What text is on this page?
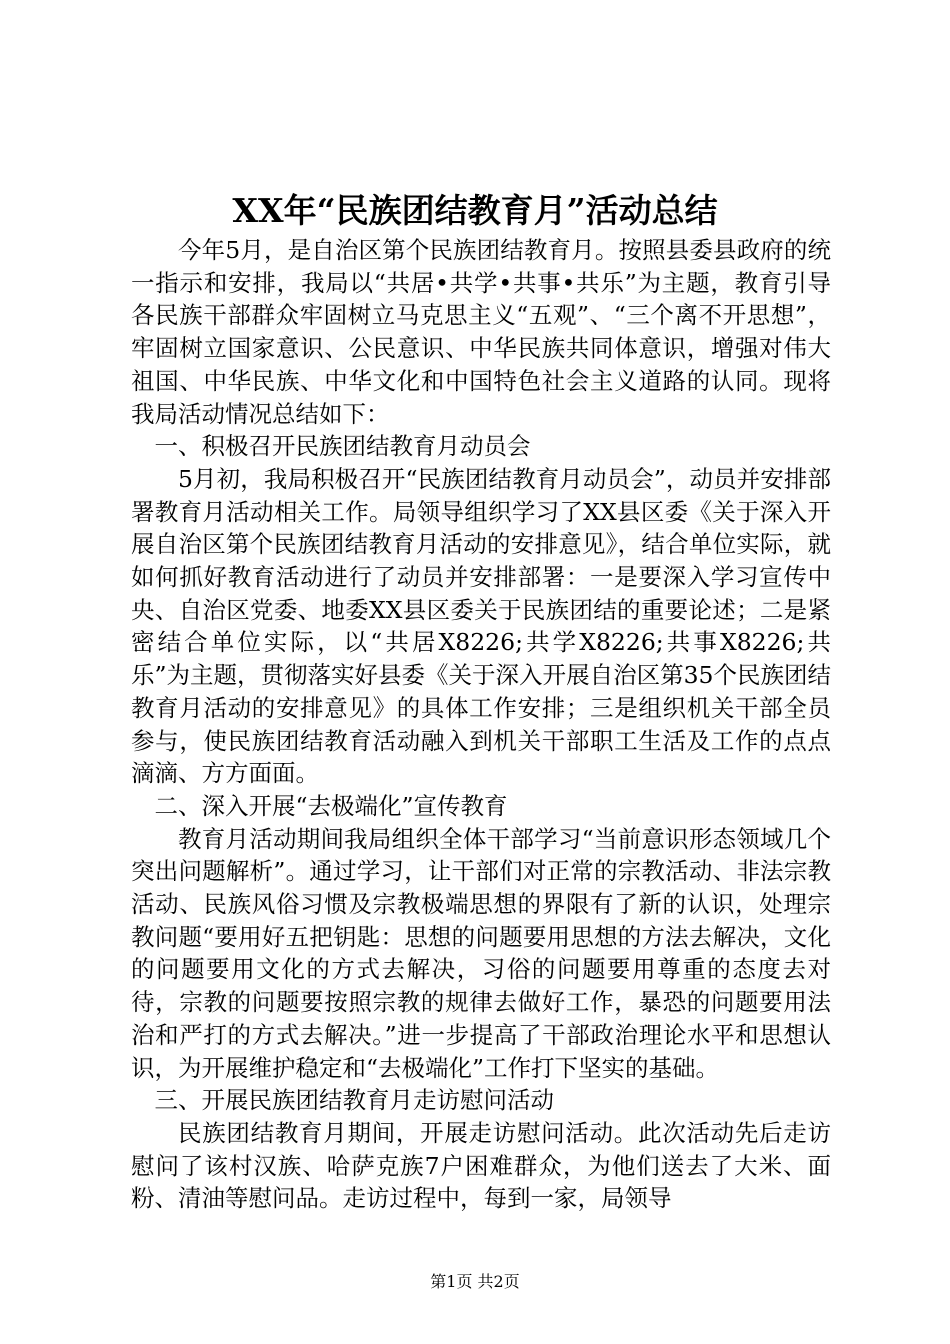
XX年“民族团结教育月”活动总结

今年5月，是自治区第个民族团结教育月。按照县委县政府的统一指示和安排，我局以“共居•共学•共事•共乐”为主题，教育引导各民族干部群众牢固树立马克思主义“五观”、“三个离不开思想”，牢固树立国家意识、公民意识、中华民族共同体意识，增强对伟大祖国、中华民族、中华文化和中国特色社会主义道路的认同。现将我局活动情况总结如下：

一、积极召开民族团结教育月动员会

5月初，我局积极召开“民族团结教育月动员会”，动员并安排部署教育月活动相关工作。局领导组织学习了XX县区委《关于深入开展自治区第个民族团结教育月活动的安排意见》，结合单位实际，就如何抓好教育活动进行了动员并安排部署：一是要深入学习宣传中央、自治区党委、地委XX县区委关于民族团结的重要论述；二是紧密结合单位实际，以“共居X8226;共学X8226;共事X8226;共乐”为主题，贯彻落实好县委《关于深入开展自治区第35个民族团结教育月活动的安排意见》的具体工作安排；三是组织机关干部全员参与，使民族团结教育活动融入到机关干部职工生活及工作的点点滴滴、方方面面。

二、深入开展“去极端化”宣传教育

教育月活动期间我局组织全体干部学习“当前意识形态领域几个突出问题解析”。通过学习，让干部们对正常的宗教活动、非法宗教活动、民族风俗习惯及宗教极端思想的界限有了新的认识，处理宗教问题“要用好五把钥匙：思想的问题要用思想的方法去解决，文化的问题要用文化的方式去解决，习俗的问题要用尊重的态度去对待，宗教的问题要按照宗教的规律去做好工作，暴恐的问题要用法治和严打的方式去解决。”进一步提高了干部政治理论水平和思想认识，为开展维护稳定和“去极端化”工作打下坚实的基础。

三、开展民族团结教育月走访慰问活动

民族团结教育月期间，开展走访慰问活动。此次活动先后走访慰问了该村汉族、哈萨克族7户困难群众，为他们送去了大米、面粉、清油等慰问品。走访过程中，每到一家，局领导

第1页 共2页
